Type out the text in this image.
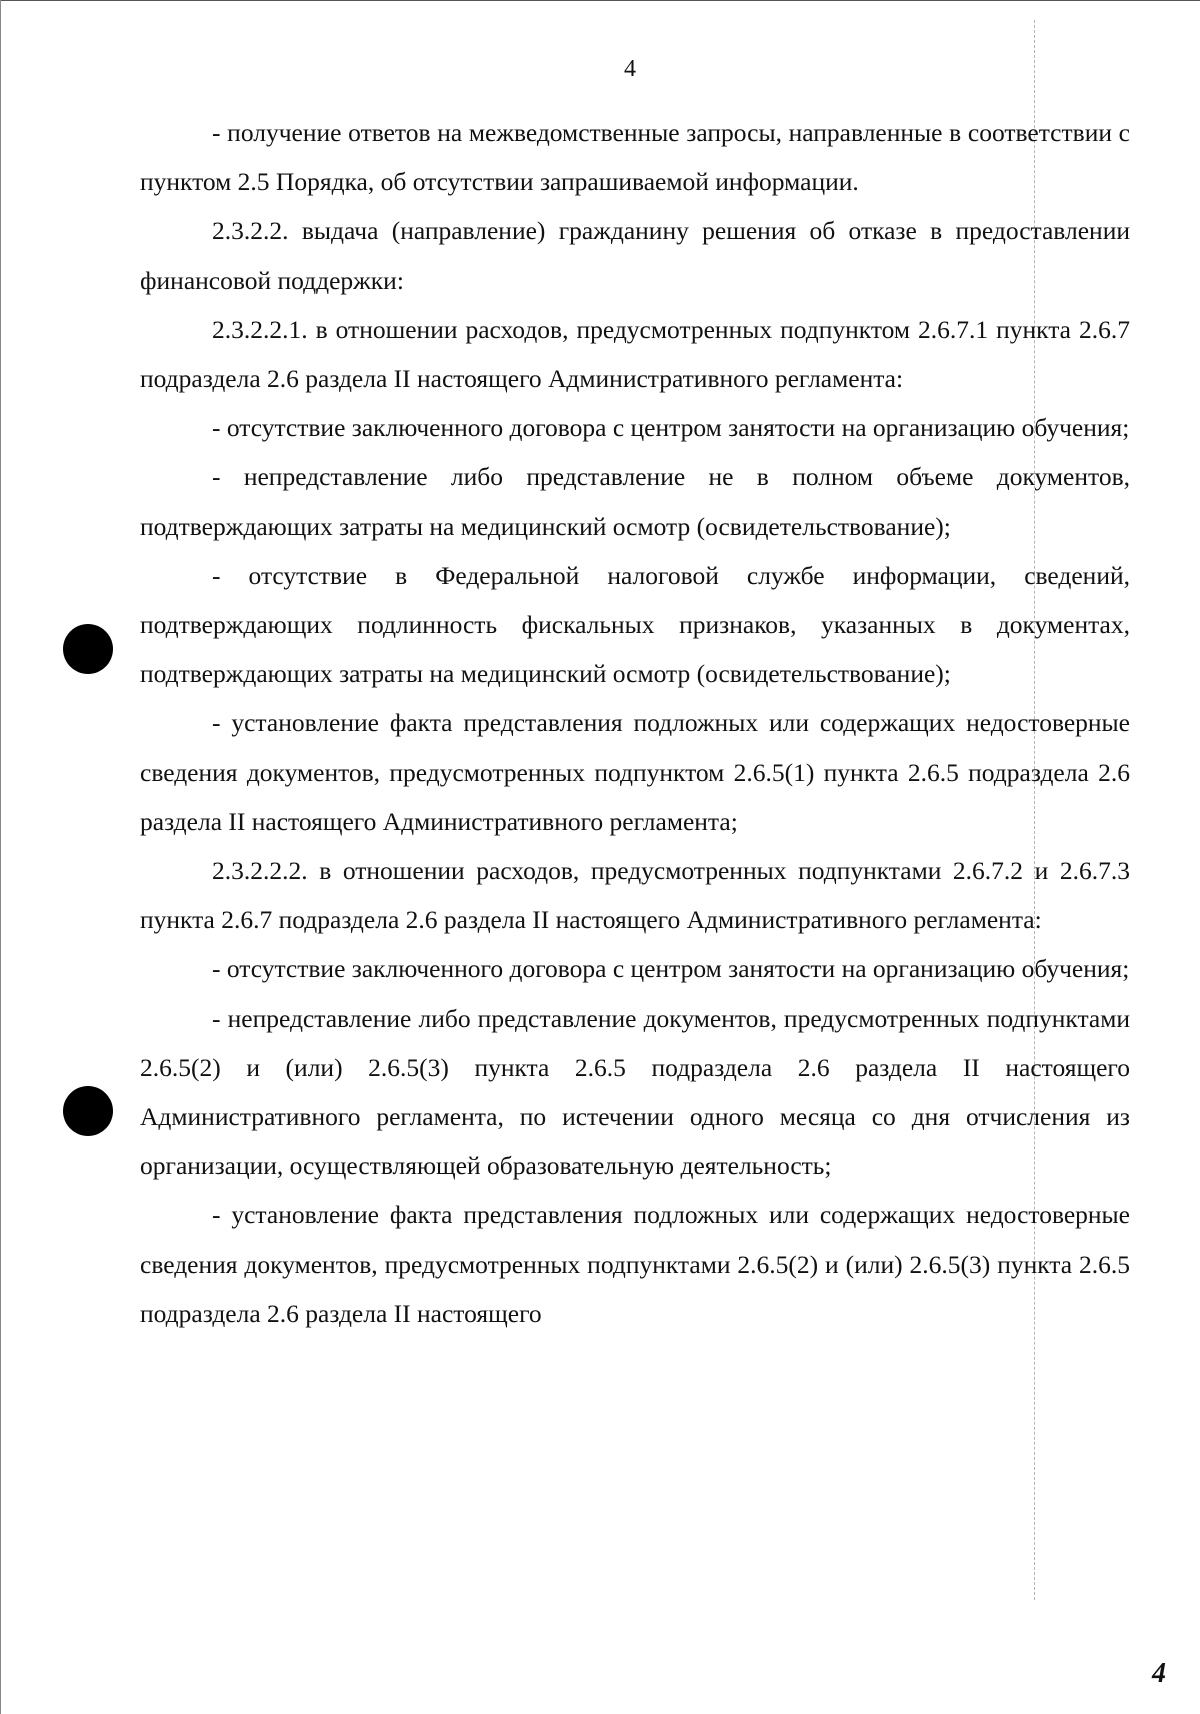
4

- получение ответов на межведомственные запросы, направленные в соответствии с пунктом 2.5 Порядка, об отсутствии запрашиваемой информации.

2.3.2.2. выдача (направление) гражданину решения об отказе в предоставлении финансовой поддержки:

2.3.2.2.1. в отношении расходов, предусмотренных подпунктом 2.6.7.1 пункта 2.6.7 подраздела 2.6 раздела II настоящего Административного регламента:

- отсутствие заключенного договора с центром занятости на организацию обучения;

- непредставление либо представление не в полном объеме документов, подтверждающих затраты на медицинский осмотр (освидетельствование);

- отсутствие в Федеральной налоговой службе информации, сведений, подтверждающих подлинность фискальных признаков, указанных в документах, подтверждающих затраты на медицинский осмотр (освидетельствование);

- установление факта представления подложных или содержащих недостоверные сведения документов, предусмотренных подпунктом 2.6.5(1) пункта 2.6.5 подраздела 2.6 раздела II настоящего Административного регламента;

2.3.2.2.2. в отношении расходов, предусмотренных подпунктами 2.6.7.2 и 2.6.7.3 пункта 2.6.7 подраздела 2.6 раздела II настоящего Административного регламента:

- отсутствие заключенного договора с центром занятости на организацию обучения;

- непредставление либо представление документов, предусмотренных подпунктами 2.6.5(2) и (или) 2.6.5(3) пункта 2.6.5 подраздела 2.6 раздела II настоящего Административного регламента, по истечении одного месяца со дня отчисления из организации, осуществляющей образовательную деятельность;

- установление факта представления подложных или содержащих недостоверные сведения документов, предусмотренных подпунктами 2.6.5(2) и (или) 2.6.5(3) пункта 2.6.5 подраздела 2.6 раздела II настоящего

4
